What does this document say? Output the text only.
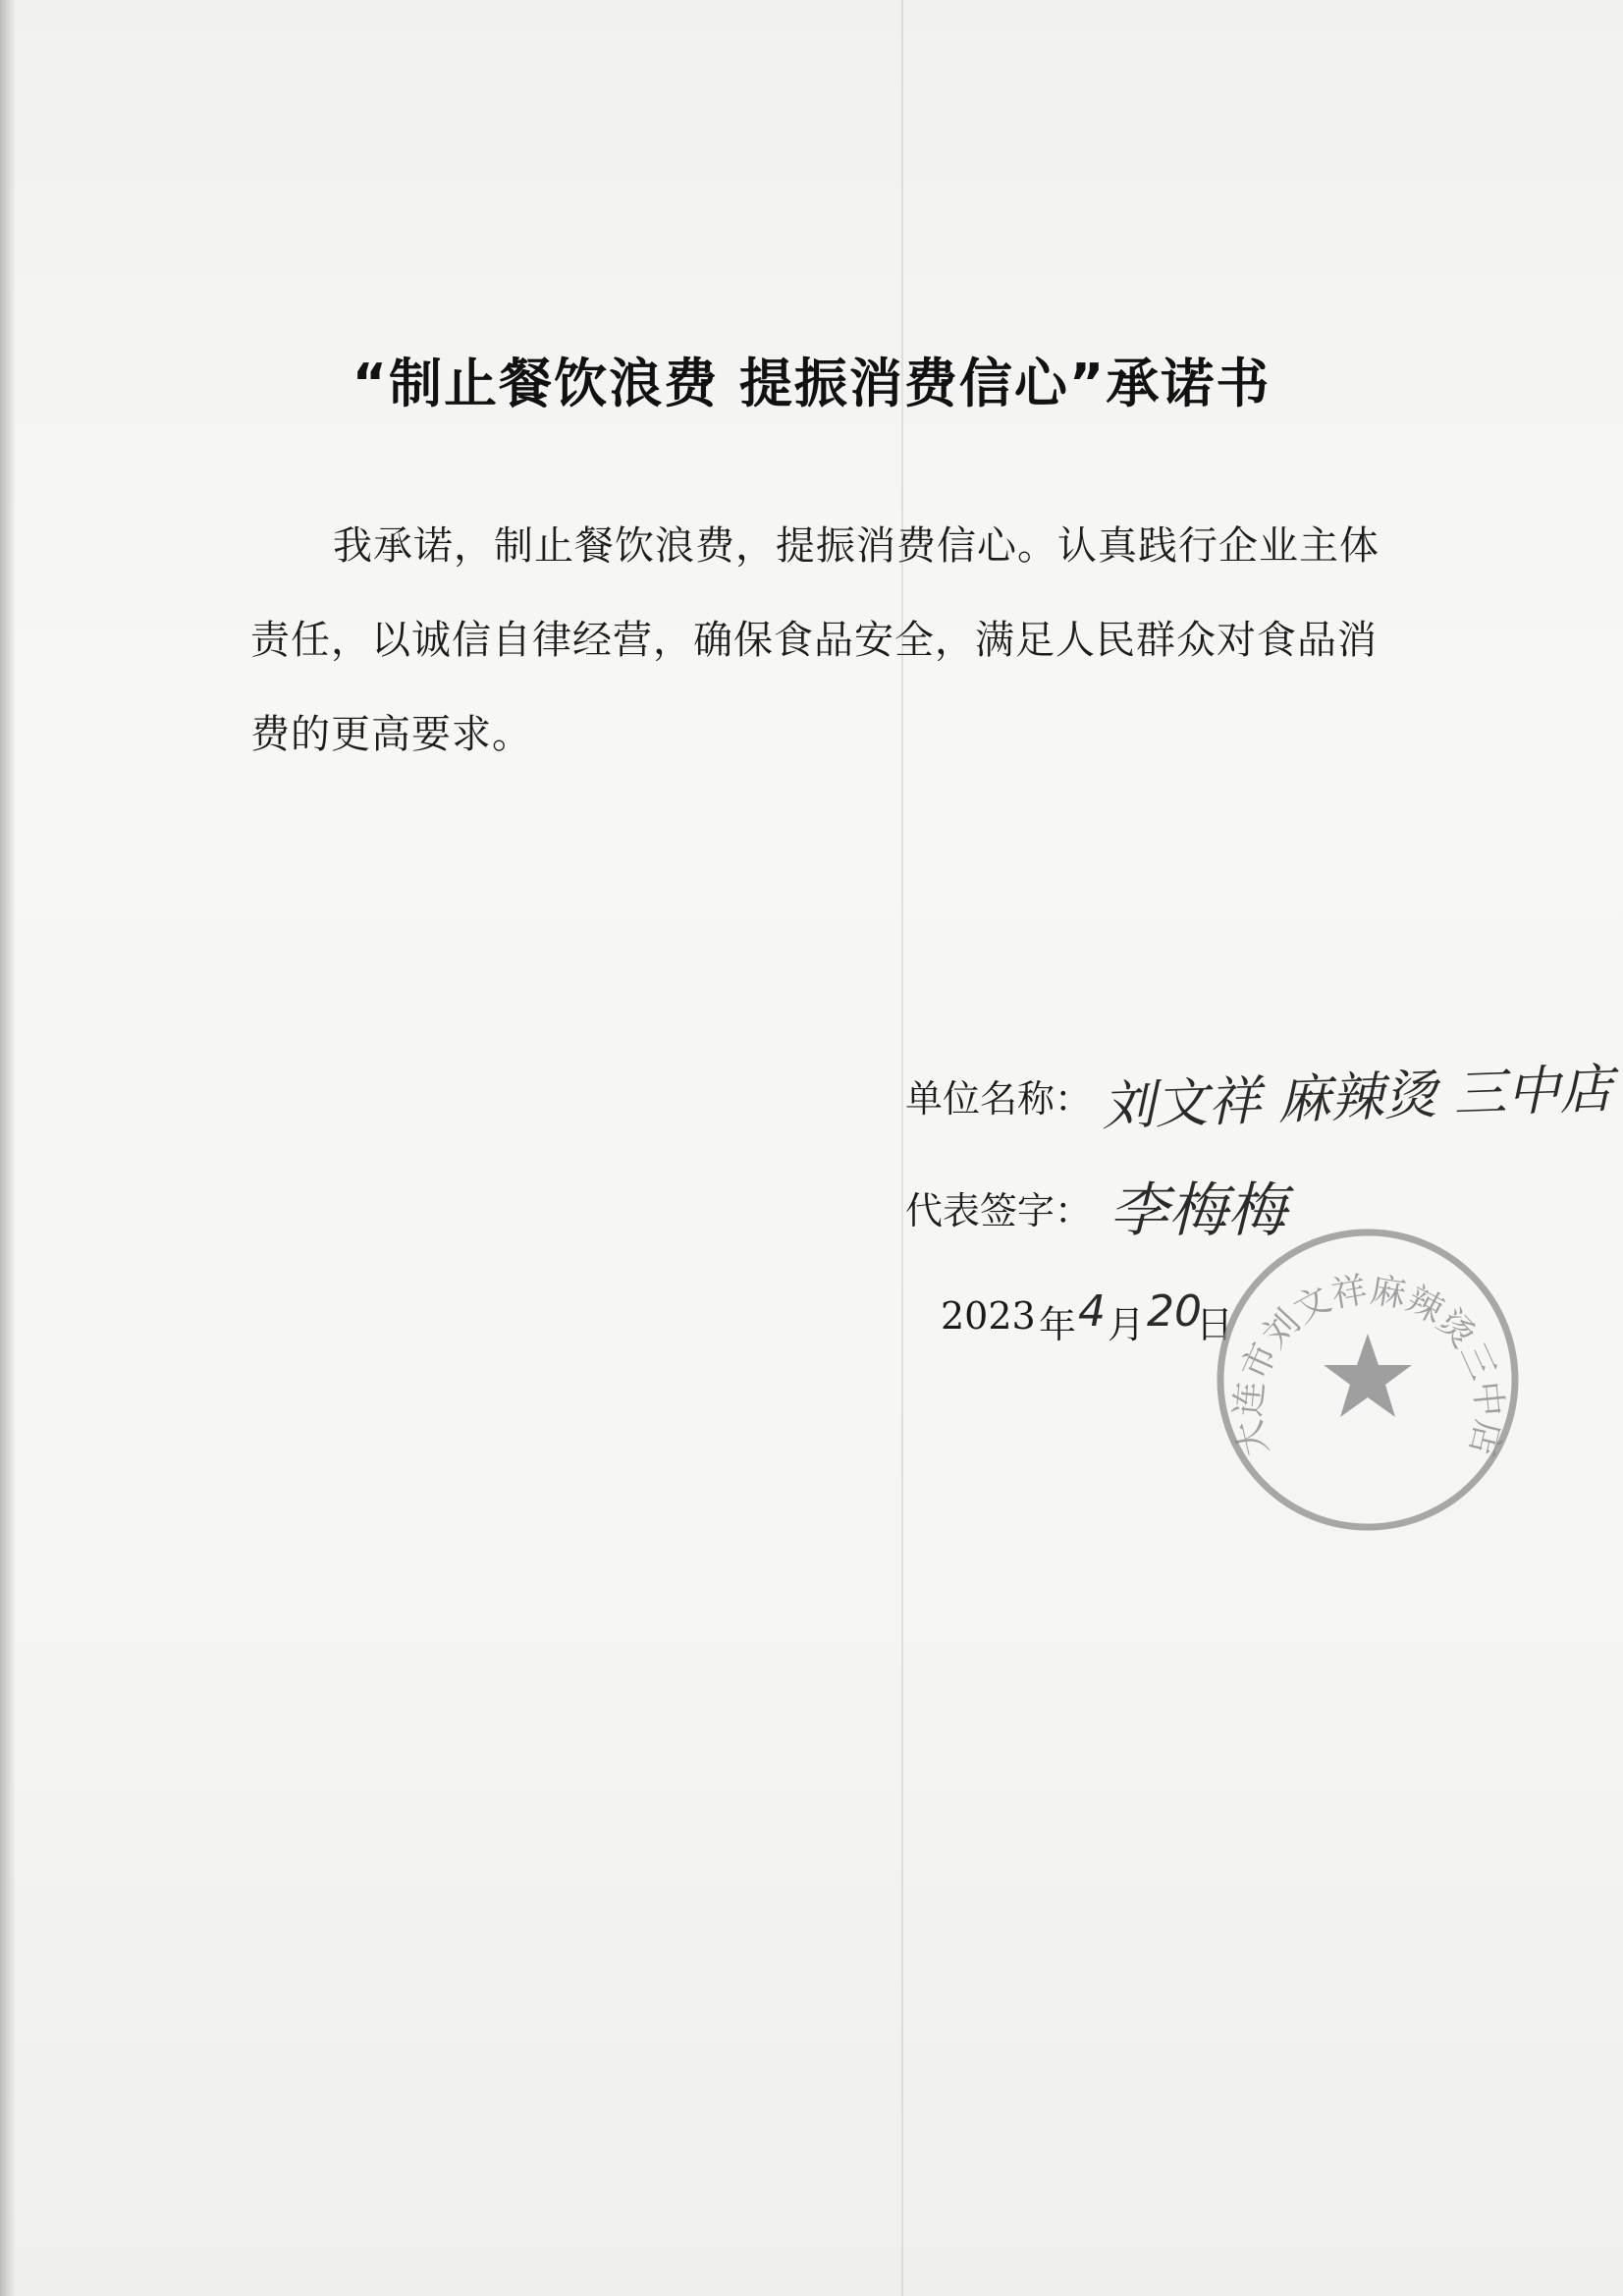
“制止餐饮浪费 提振消费信心”承诺书
我承诺，制止餐饮浪费，提振消费信心。认真践行企业主体责任，以诚信自律经营，确保食品安全，满足人民群众对食品消费的更高要求。
单位名称： 刘文祥 麻辣烫 三中店
代表签字： 李梅梅
2023 年 4 月 20
日
大连市刘文祥麻辣烫三中店
